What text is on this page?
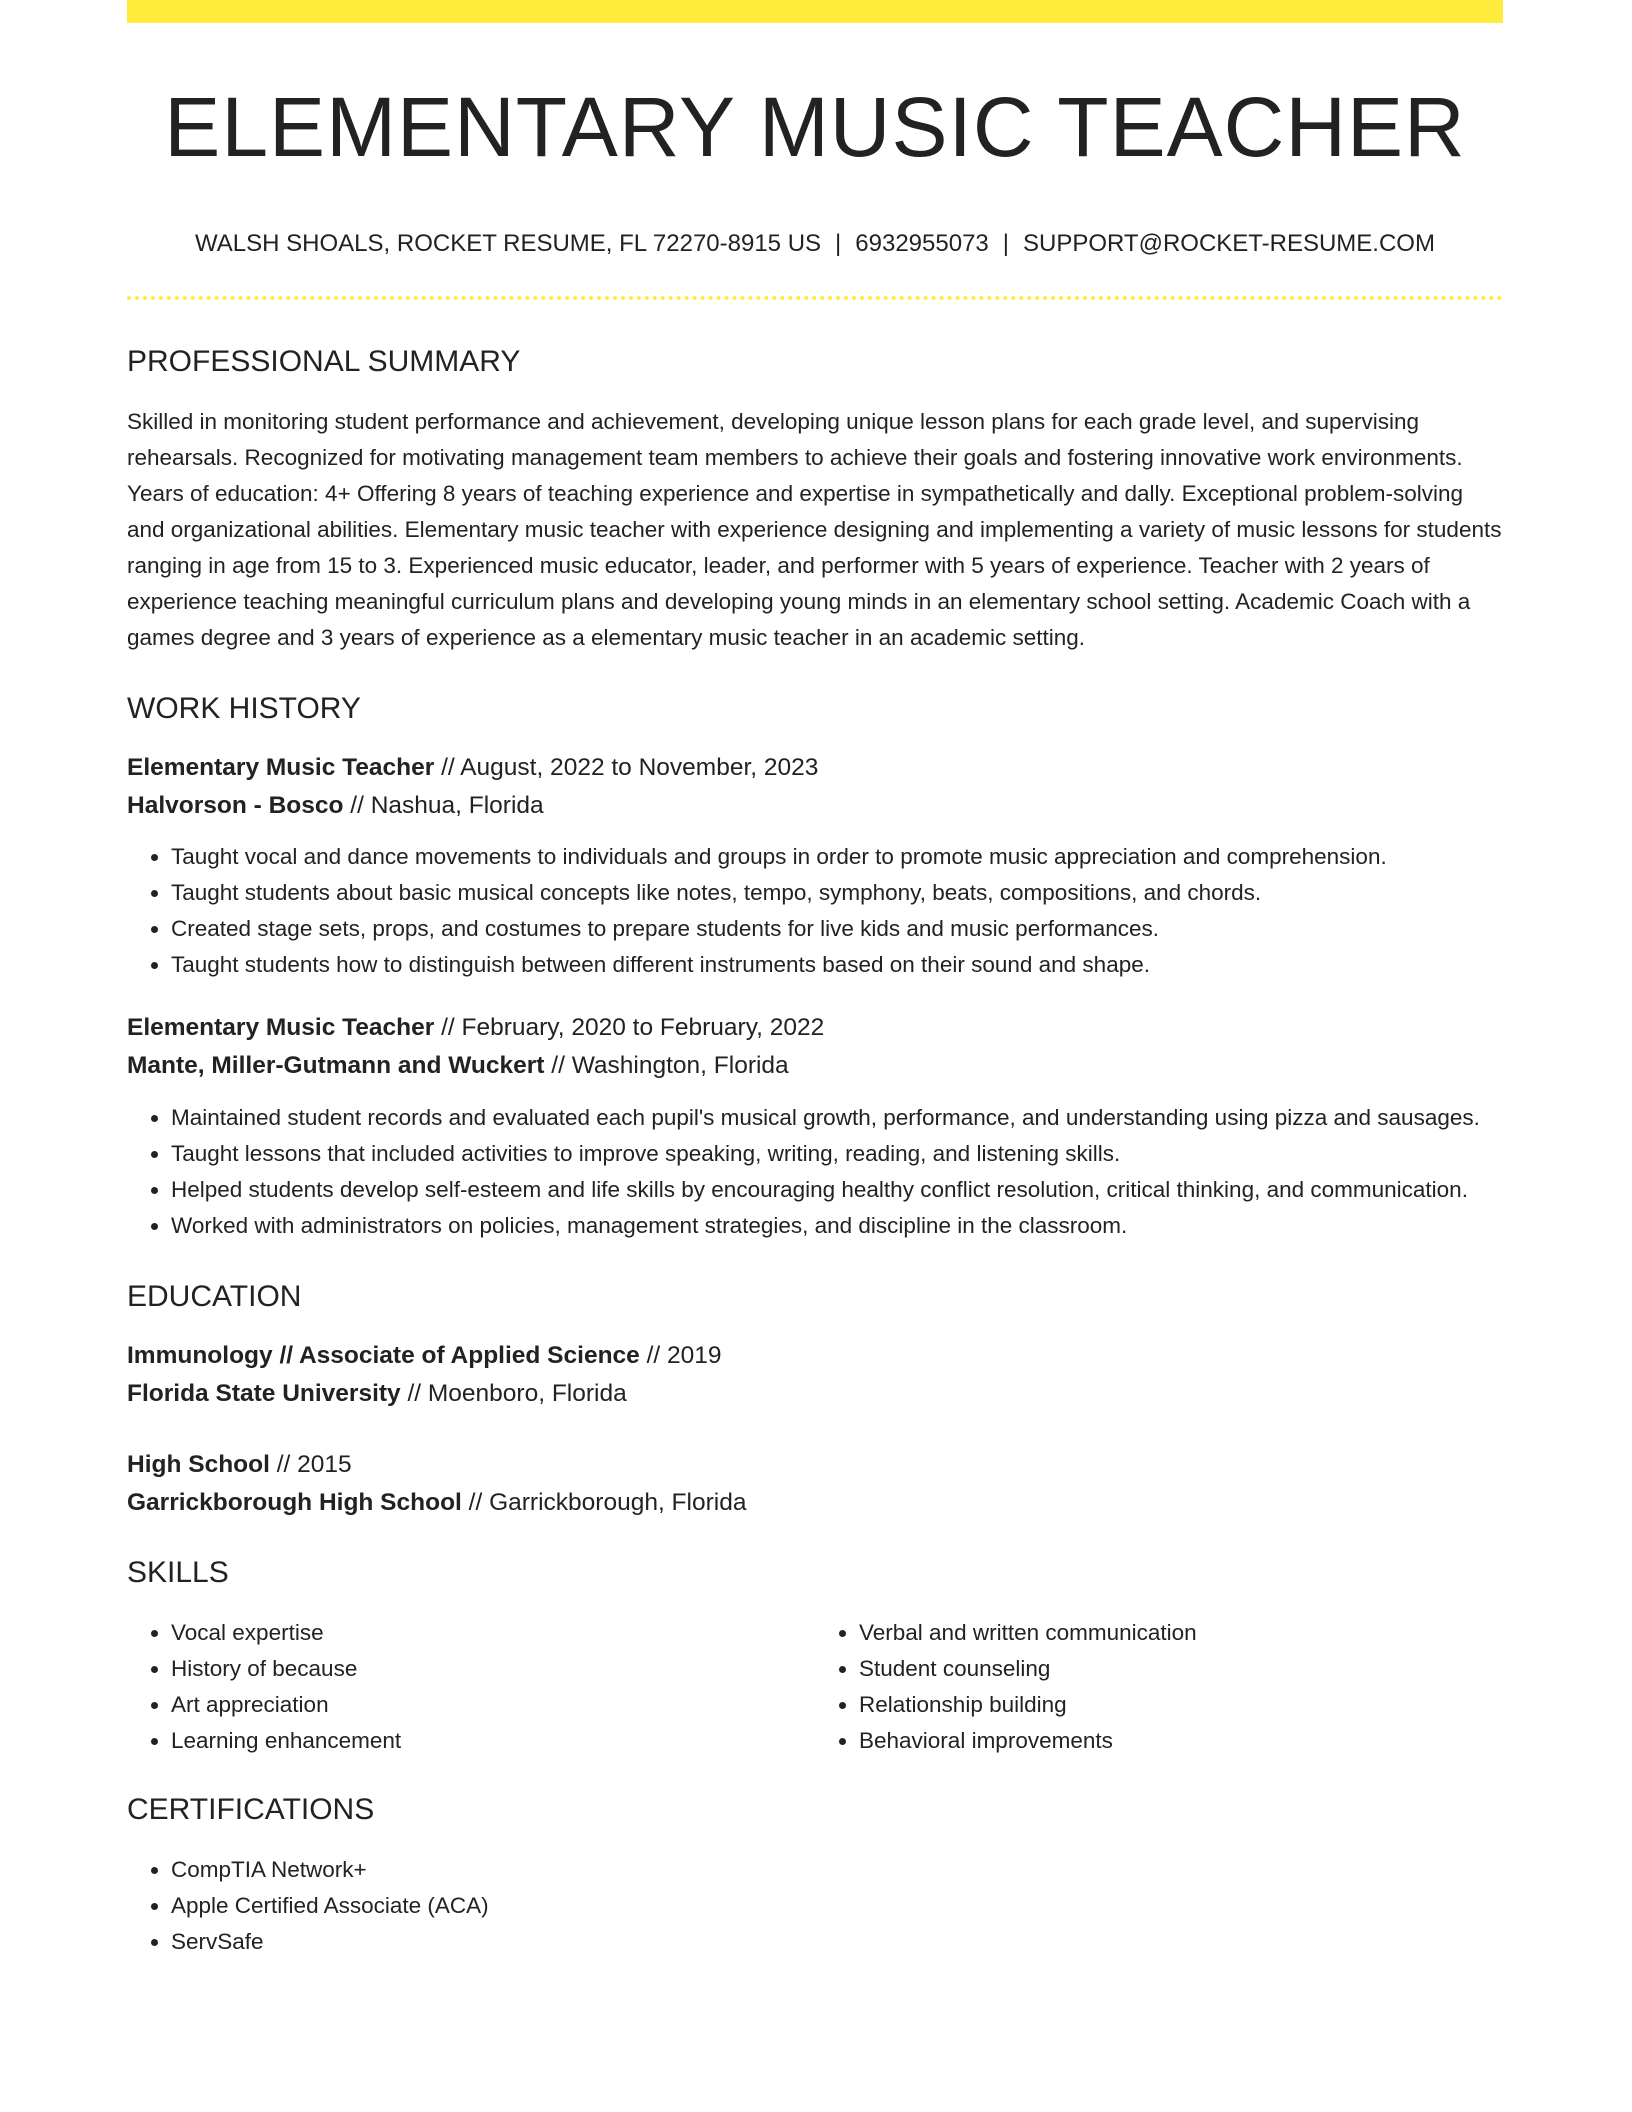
ELEMENTARY MUSIC TEACHER
WALSH SHOALS, ROCKET RESUME, FL 72270-8915 US | 6932955073 | SUPPORT@ROCKET-RESUME.COM
PROFESSIONAL SUMMARY
Skilled in monitoring student performance and achievement, developing unique lesson plans for each grade level, and supervising rehearsals. Recognized for motivating management team members to achieve their goals and fostering innovative work environments. Years of education: 4+ Offering 8 years of teaching experience and expertise in sympathetically and dally. Exceptional problem-solving and organizational abilities. Elementary music teacher with experience designing and implementing a variety of music lessons for students ranging in age from 15 to 3. Experienced music educator, leader, and performer with 5 years of experience. Teacher with 2 years of experience teaching meaningful curriculum plans and developing young minds in an elementary school setting. Academic Coach with a games degree and 3 years of experience as a elementary music teacher in an academic setting.
WORK HISTORY
Elementary Music Teacher // August, 2022 to November, 2023
Halvorson - Bosco // Nashua, Florida
• Taught vocal and dance movements to individuals and groups in order to promote music appreciation and comprehension.
• Taught students about basic musical concepts like notes, tempo, symphony, beats, compositions, and chords.
• Created stage sets, props, and costumes to prepare students for live kids and music performances.
• Taught students how to distinguish between different instruments based on their sound and shape.
Elementary Music Teacher // February, 2020 to February, 2022
Mante, Miller-Gutmann and Wuckert // Washington, Florida
• Maintained student records and evaluated each pupil's musical growth, performance, and understanding using pizza and sausages.
• Taught lessons that included activities to improve speaking, writing, reading, and listening skills.
• Helped students develop self-esteem and life skills by encouraging healthy conflict resolution, critical thinking, and communication.
• Worked with administrators on policies, management strategies, and discipline in the classroom.
EDUCATION
Immunology // Associate of Applied Science // 2019
Florida State University // Moenboro, Florida
High School // 2015
Garrickborough High School // Garrickborough, Florida
SKILLS
• Vocal expertise
• History of because
• Art appreciation
• Learning enhancement
• Verbal and written communication
• Student counseling
• Relationship building
• Behavioral improvements
CERTIFICATIONS
• CompTIA Network+
• Apple Certified Associate (ACA)
• ServSafe
